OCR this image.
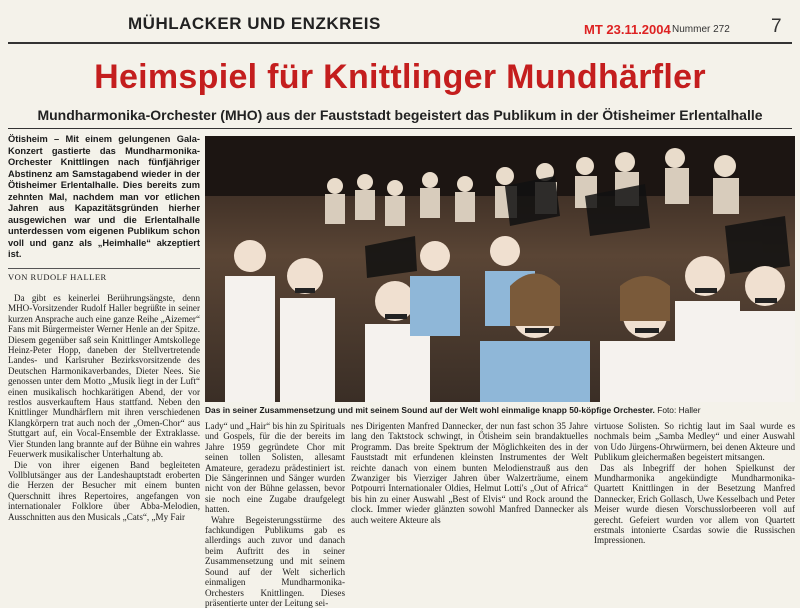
MÜHLACKER UND ENZKREIS	MT 23.11.2004 Nummer 272 7
Heimspiel für Knittlinger Mundhärfler
Mundharmonika-Orchester (MHO) aus der Fauststadt begeistert das Publikum in der Ötisheimer Erlentalhalle
Ötisheim – Mit einem gelungenen Gala-Konzert gastierte das Mundharmonika-Orchester Knittlingen nach fünfjähriger Abstinenz am Samstagabend wieder in der Ötisheimer Erlentalhalle. Dies bereits zum zehnten Mal, nachdem man vor etlichen Jahren aus Kapazitätsgründen hierher ausgewichen war und die Erlentalhalle unterdessen vom eigenen Publikum schon voll und ganz als „Heimhalle“ akzeptiert ist.
VON RUDOLF HALLER

Da gibt es keinerlei Berührungsängste, denn MHO-Vorsitzender Rudolf Haller begrüßte in seiner kurzen Ansprache auch eine ganze Reihe „Aizemer“ Fans mit Bürgermeister Werner Henle an der Spitze. Diesem gegenüber saß sein Knittlinger Amtskollege Heinz-Peter Hopp, daneben der Stellvertretende Landes- und Karlsruher Bezirksvorsitzende des Deutschen Harmonikaverbandes, Dieter Nees. Sie genossen unter dem Motto „Musik liegt in der Luft“ einen musikalisch hochkarätigen Abend, der vor restlos ausverkauftem Haus stattfand. Neben den Knittlinger Mundhärflern mit ihren verschiedenen Klangkörpern trat auch noch der „Omen-Chor“ aus Stuttgart auf, ein Vocal-Ensemble der Extraklasse. Vier Stunden lang brannte auf der Bühne ein wahres Feuerwerk musikalischer Unterhaltung ab.

Die von ihrer eigenen Band begleiteten Vollblutsänger aus der Landeshauptstadt eroberten die Herzen der Besucher mit einem bunten Querschnitt ihres Repertoires, angefangen von internationaler Folklore über Abba-Melodien, Ausschnitten aus den Musicals „Cats“, „My Fair

Das in seiner Zusammensetzung und mit seinem Sound auf der Welt wohl einmalige knapp 50-köpfige Orchester. Foto: Haller

Lady“ und „Hair“ bis hin zu Spirituals und Gospels, für die der bereits im Jahre 1959 gegründete Chor mit seinen tollen Solisten, allesamt Amateure, geradezu prädestiniert ist. Die Sängerinnen und Sänger wurden nicht von der Bühne gelassen, bevor sie noch eine Zugabe draufgelegt hatten.

Wahre Begeisterungsstürme des fachkundigen Publikums gab es allerdings auch zuvor und danach beim Auftritt des in seiner Zusammensetzung und mit seinem Sound auf der Welt sicherlich einmaligen Mundharmonika-Orchesters Knittlingen. Dieses präsentierte unter der Leitung sei-

nes Dirigenten Manfred Dannecker, der nun fast schon 35 Jahre lang den Taktstock schwingt, in Ötisheim sein brandaktuelles Programm. Das breite Spektrum der Möglichkeiten des in der Fauststadt mit erfundenen kleinsten Instrumentes der Welt reichte danach von einem bunten Melodienstrauß aus den Zwanziger bis Vierziger Jahren über Walzerträume, einem Potpourri Internationaler Oldies, Helmut Lotti's „Out of Africa“ bis hin zu einer Auswahl „Best of Elvis“ und Rock around the clock. Immer wieder glänzten sowohl Manfred Dannecker als auch weitere Akteure als

virtuose Solisten. So richtig laut im Saal wurde es nochmals beim „Samba Medley“ und einer Auswahl von Udo Jürgens-Ohrwürmern, bei denen Akteure und Publikum gleichermaßen begeistert mitsangen.

Das als Inbegriff der hohen Spielkunst der Mundharmonika angekündigte Mundharmonika-Quartett Knittlingen in der Besetzung Manfred Dannecker, Erich Gollasch, Uwe Kesselbach und Peter Meiser wurde diesen Vorschusslorbeeren voll auf gerecht. Gefeiert wurden vor allem von Quartett erstmals intonierte Csardas sowie die Russischen Impressionen.
